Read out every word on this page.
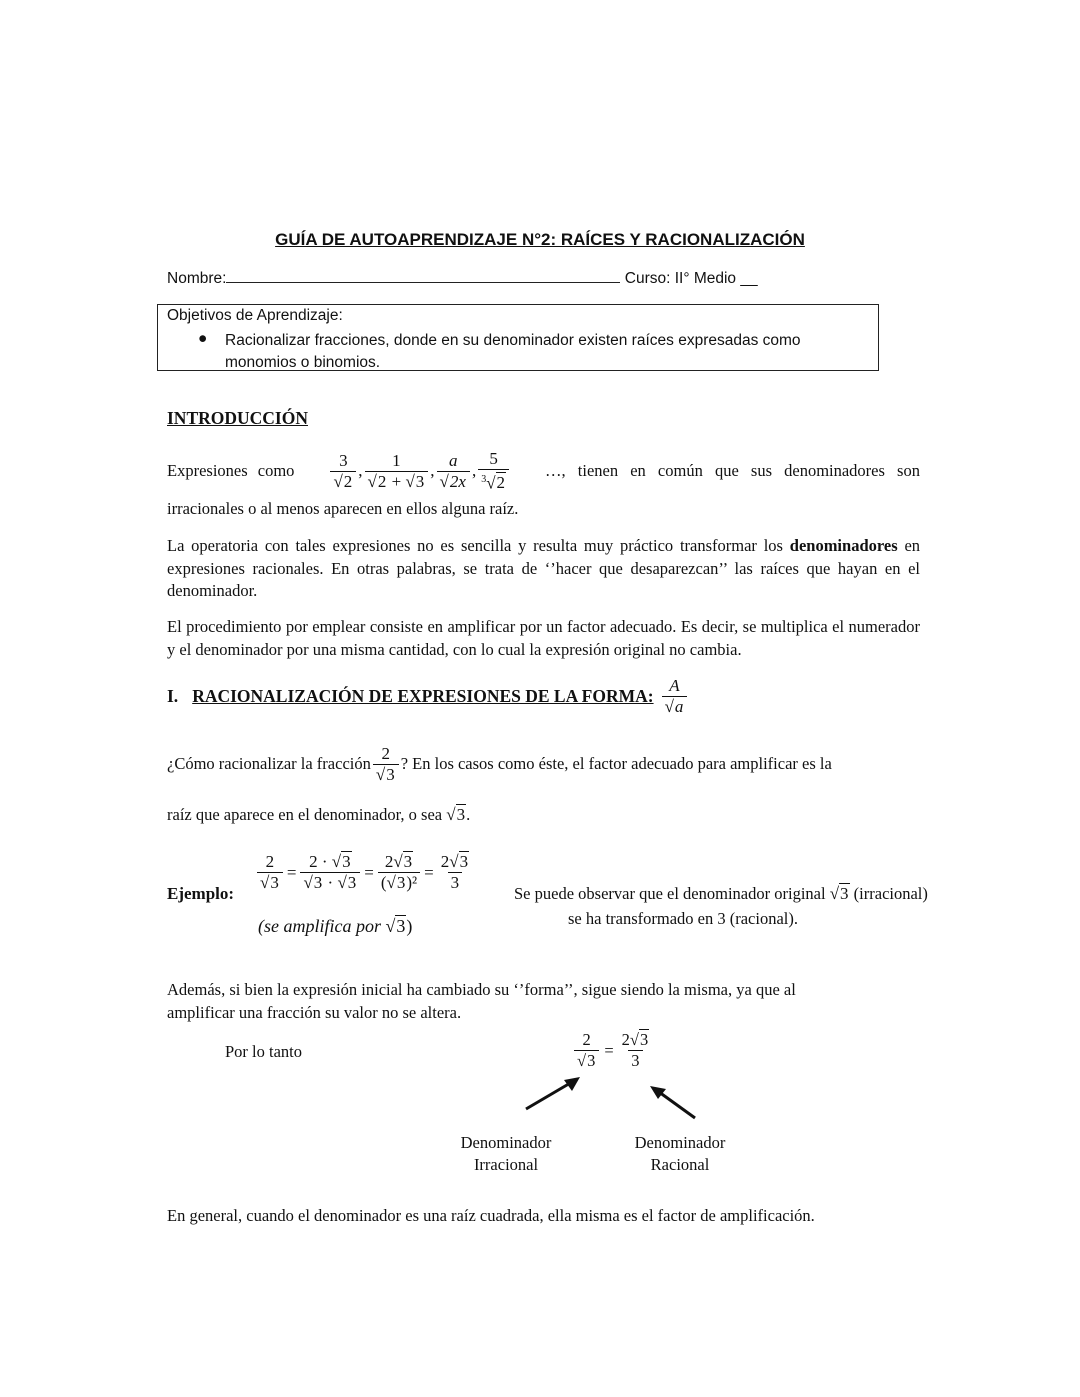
GUÍA DE AUTOAPRENDIZAJE N°2: RAÍCES Y RACIONALIZACIÓN
Nombre:	Curso: II° Medio __
Objetivos de Aprendizaje:
● Racionalizar fracciones, donde en su denominador existen raíces expresadas como
monomios o binomios.
INTRODUCCIÓN
Expresiones como $\frac{3}{√2}$ , $\frac{1}{√2 + √3}$ , $\frac{a}{√2x}$ , $\frac{5}{^3√2}$ …, tienen en común que sus denominadores son
irracionales o al menos aparecen en ellos alguna raíz.
La operatoria con tales expresiones no es sencilla y resulta muy práctico transformar los denominadores en expresiones racionales. En otras palabras, se trata de ‘’hacer que desaparezcan’’ las raíces que hayan en el denominador.
El procedimiento por emplear consiste en amplificar por un factor adecuado. Es decir, se multiplica el numerador y el denominador por una misma cantidad, con lo cual la expresión original no cambia.
I. RACIONALIZACIÓN DE EXPRESIONES DE LA FORMA: $\frac{A}{√a}$
¿Cómo racionalizar la fracción $\frac{2}{√3}$ ? En los casos como éste, el factor adecuado para amplificar es la
raíz que aparece en el denominador, o sea √3.
Ejemplo:
$\frac{2}{√3} = \frac{2 \cdot √3}{√3 \cdot √3} = \frac{2√3}{\text{(√3)²}} = \frac{2√3}{3}$
(se amplifica por √3)
Se puede observar que el denominador original √3 (irracional)
se ha transformado en 3 (racional).
Además, si bien la expresión inicial ha cambiado su ‘’forma’’, sigue siendo la misma, ya que al amplificar una fracción su valor no se altera.
Por lo tanto	$\frac{2}{√3} = \frac{2√3}{3}$
Denominador
Irracional
Denominador
Racional
En general, cuando el denominador es una raíz cuadrada, ella misma es el factor de amplificación.
